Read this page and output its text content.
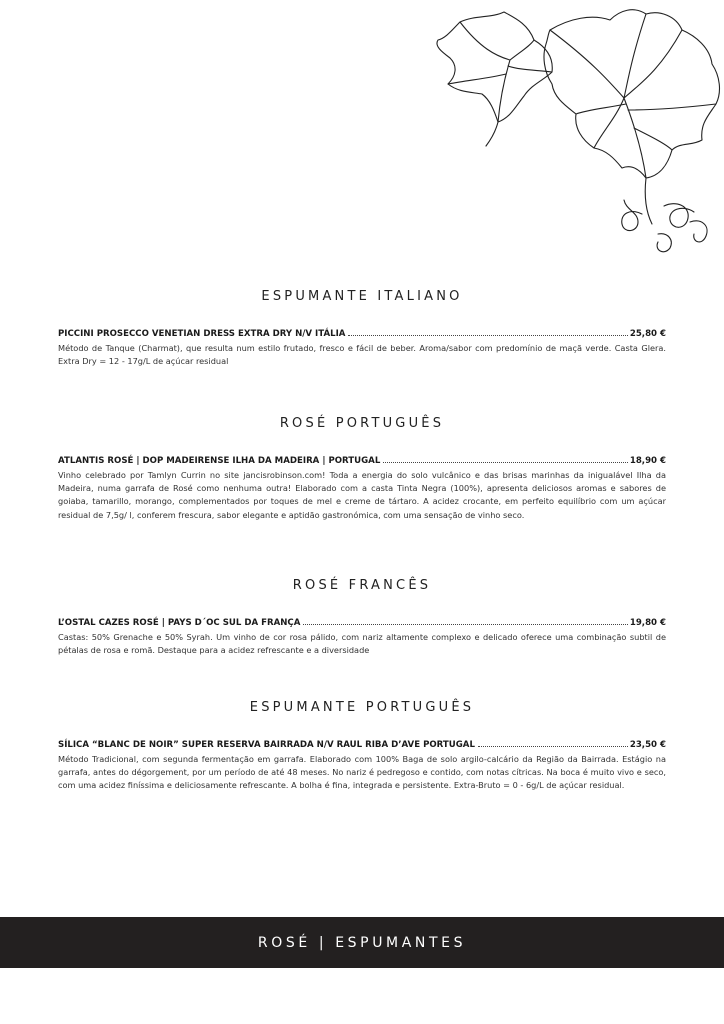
ESPUMANTE ITALIANO
PICCINI PROSECCO VENETIAN DRESS EXTRA DRY N/V ITÁLIA	25,80 €

Método de Tanque (Charmat), que resulta num estilo frutado, fresco e fácil de beber. Aroma/sabor com predomínio de maçã verde. Casta Glera. Extra Dry = 12 - 17g/L de açúcar residual

ROSÉ PORTUGUÊS
ATLANTIS ROSÉ | DOP MADEIRENSE ILHA DA MADEIRA | PORTUGAL	18,90 €

Vinho celebrado por Tamlyn Currin no site jancisrobinson.com! Toda a energia do solo vulcânico e das brisas marinhas da inigualável Ilha da Madeira, numa garrafa de Rosé como nenhuma outra! Elaborado com a casta Tinta Negra (100%), apresenta deliciosos aromas e sabores de goiaba, tamarillo, morango, complementados por toques de mel e creme de tártaro. A acidez crocante, em perfeito equilíbrio com um açúcar residual de 7,5g/ l, conferem frescura, sabor elegante e aptidão gastronómica, com uma sensação de vinho seco.

ROSÉ FRANCÊS
L’OSTAL CAZES ROSÉ | PAYS D´OC SUL DA FRANÇA	19,80 €

Castas: 50% Grenache e 50% Syrah. Um vinho de cor rosa pálido, com nariz altamente complexo e delicado oferece uma combinação subtil de pétalas de rosa e romã. Destaque para a acidez refrescante e a diversidade

ESPUMANTE PORTUGUÊS
SÍLICA “BLANC DE NOIR” SUPER RESERVA BAIRRADA N/V RAUL RIBA D’AVE PORTUGAL	23,50 €

Método Tradicional, com segunda fermentação em garrafa. Elaborado com 100% Baga de solo argilo-calcário da Região da Bairrada. Estágio na garrafa, antes do dégorgement, por um período de até 48 meses. No nariz é pedregoso e contido, com notas cítricas. Na boca é muito vivo e seco, com uma acidez finíssima e deliciosamente refrescante. A bolha é fina, integrada e persistente. Extra-Bruto = 0 - 6g/L de açúcar residual.

ROSÉ | ESPUMANTES
